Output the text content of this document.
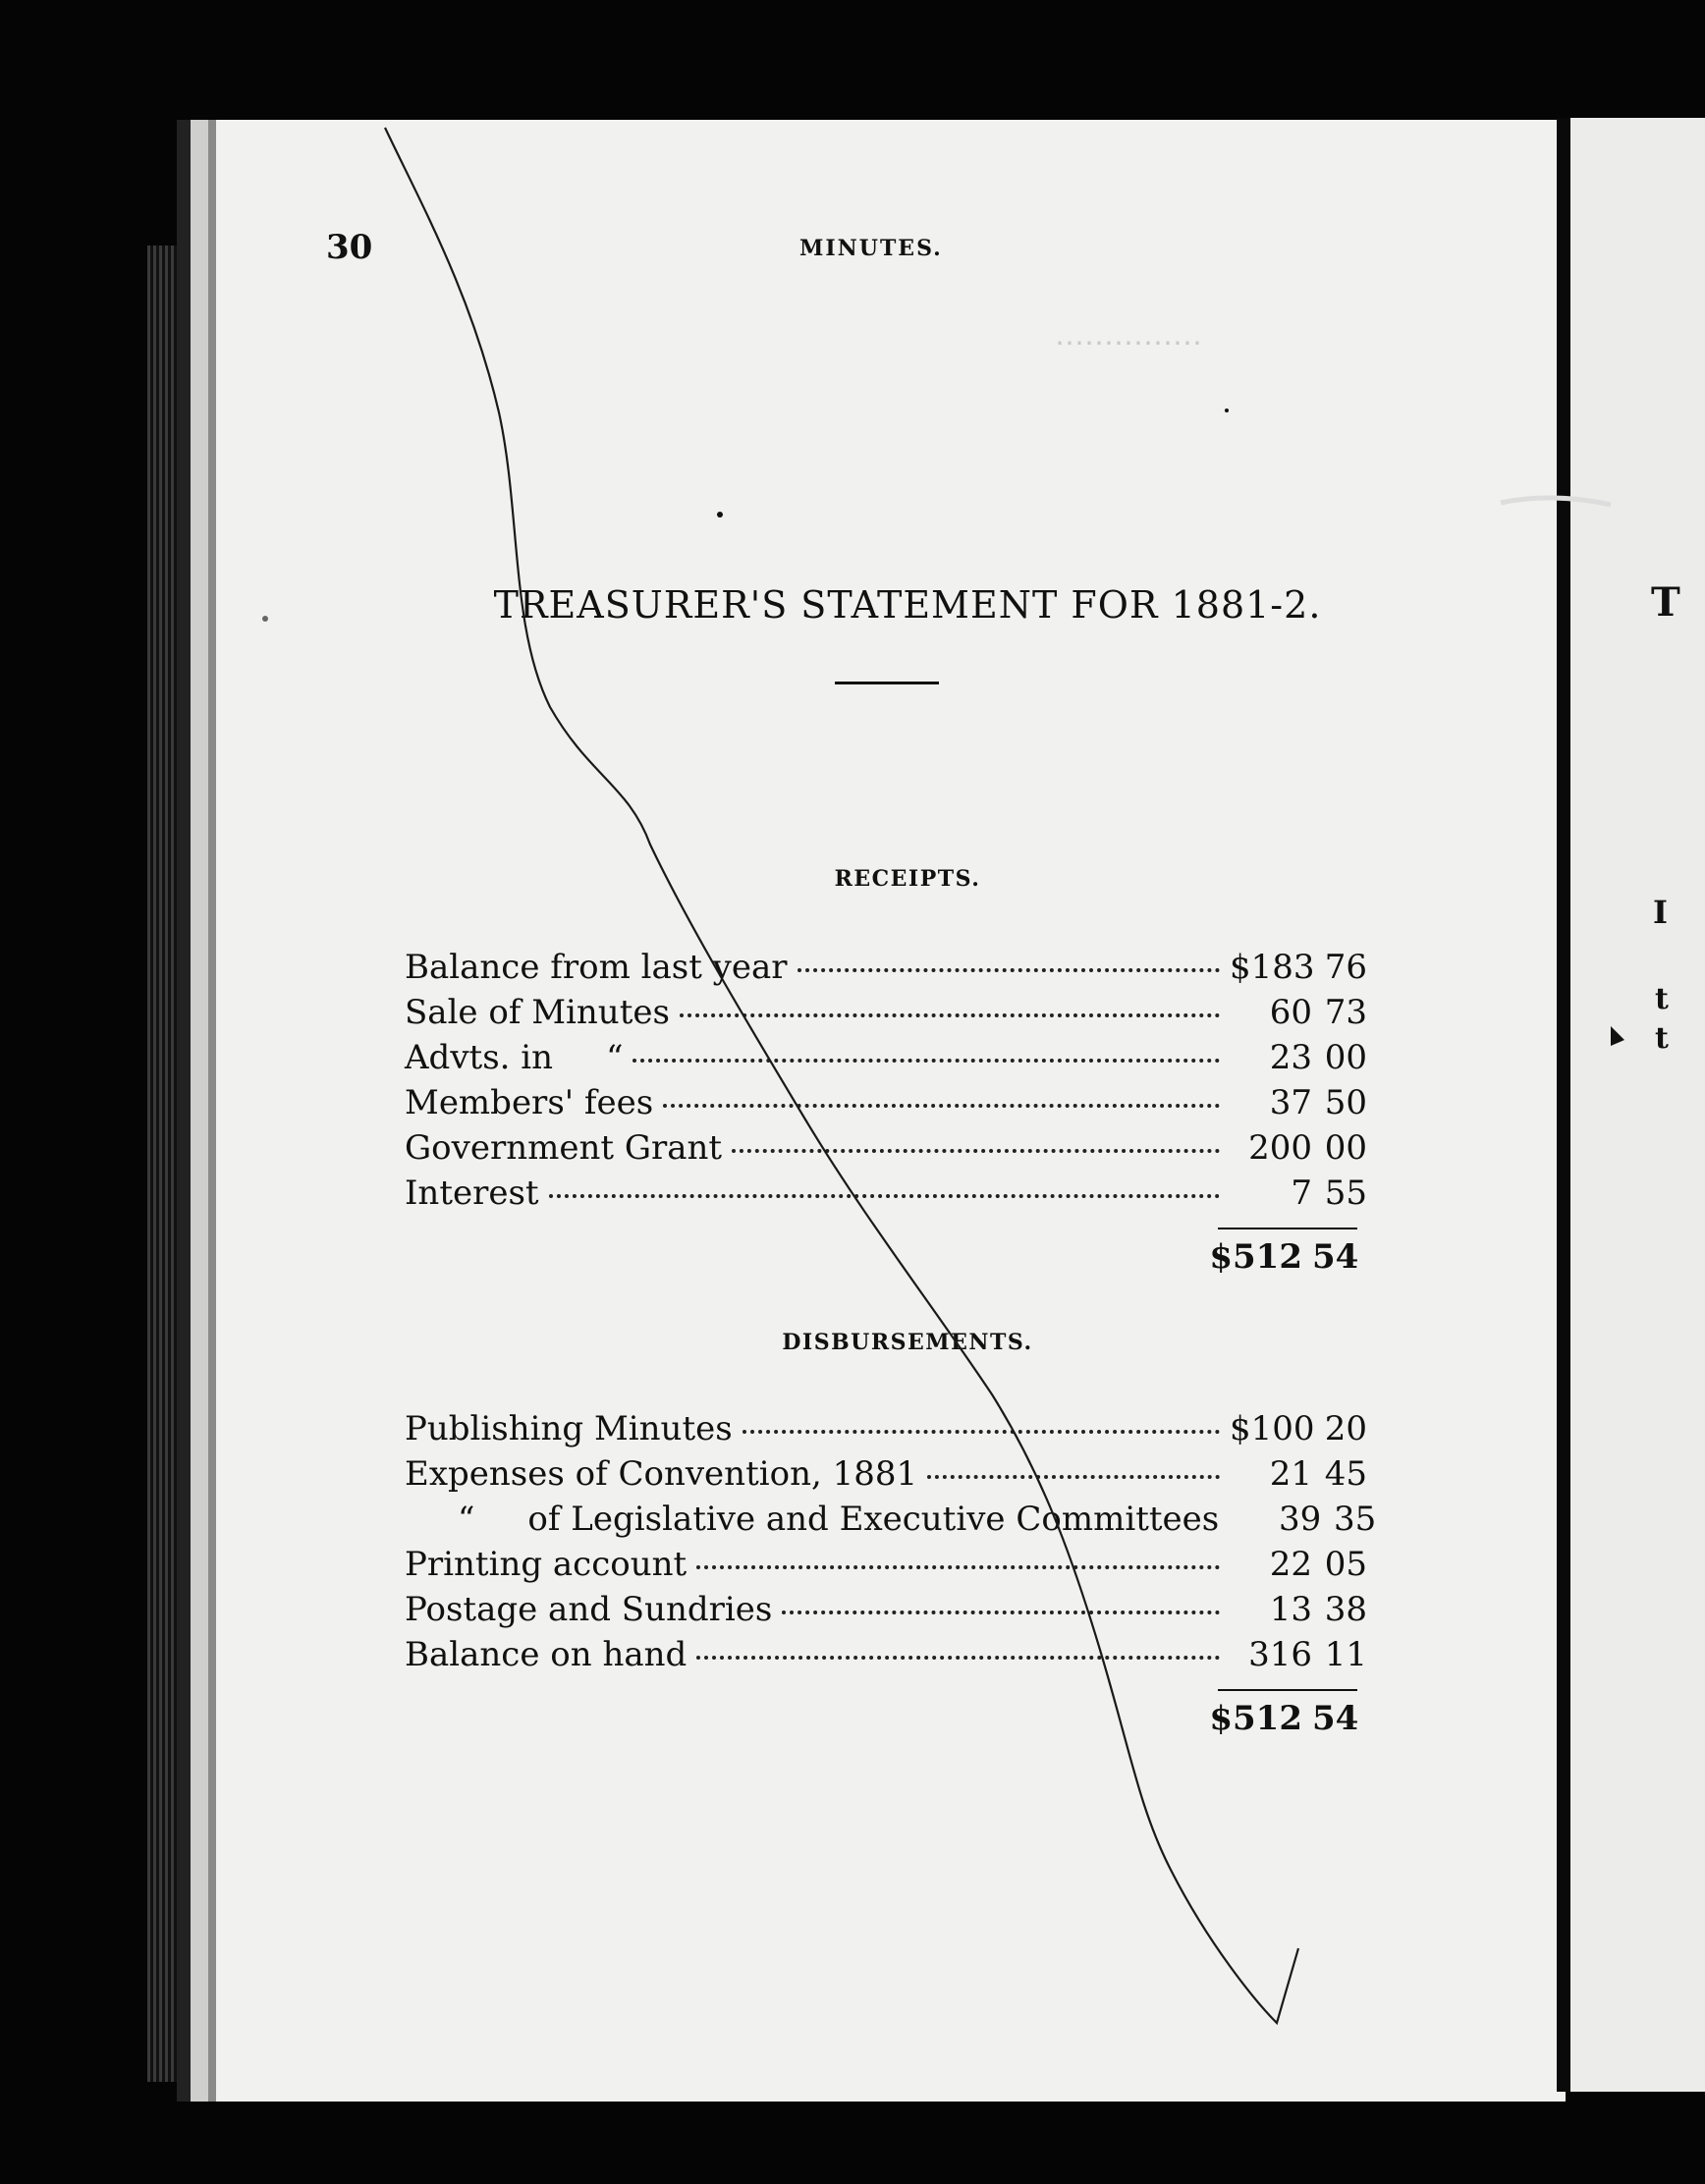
⋯⋯⋯⋯⋯
30	MINUTES.
TREASURER'S STATEMENT FOR 1881-2.
RECEIPTS.
Balance from last year	$183 76
Sale of Minutes	60 73
Advts. in     “	23 00
Members' fees	37 50
Government Grant	200 00
Interest	7 55
$512 54
DISBURSEMENTS.
Publishing Minutes	$100 20
Expenses of Convention, 1881	21 45
“     of Legislative and Executive Committees 39 35
Printing account	22 05
Postage and Sundries	13 38
Balance on hand	316 11
$512 54
T
I
t
t
